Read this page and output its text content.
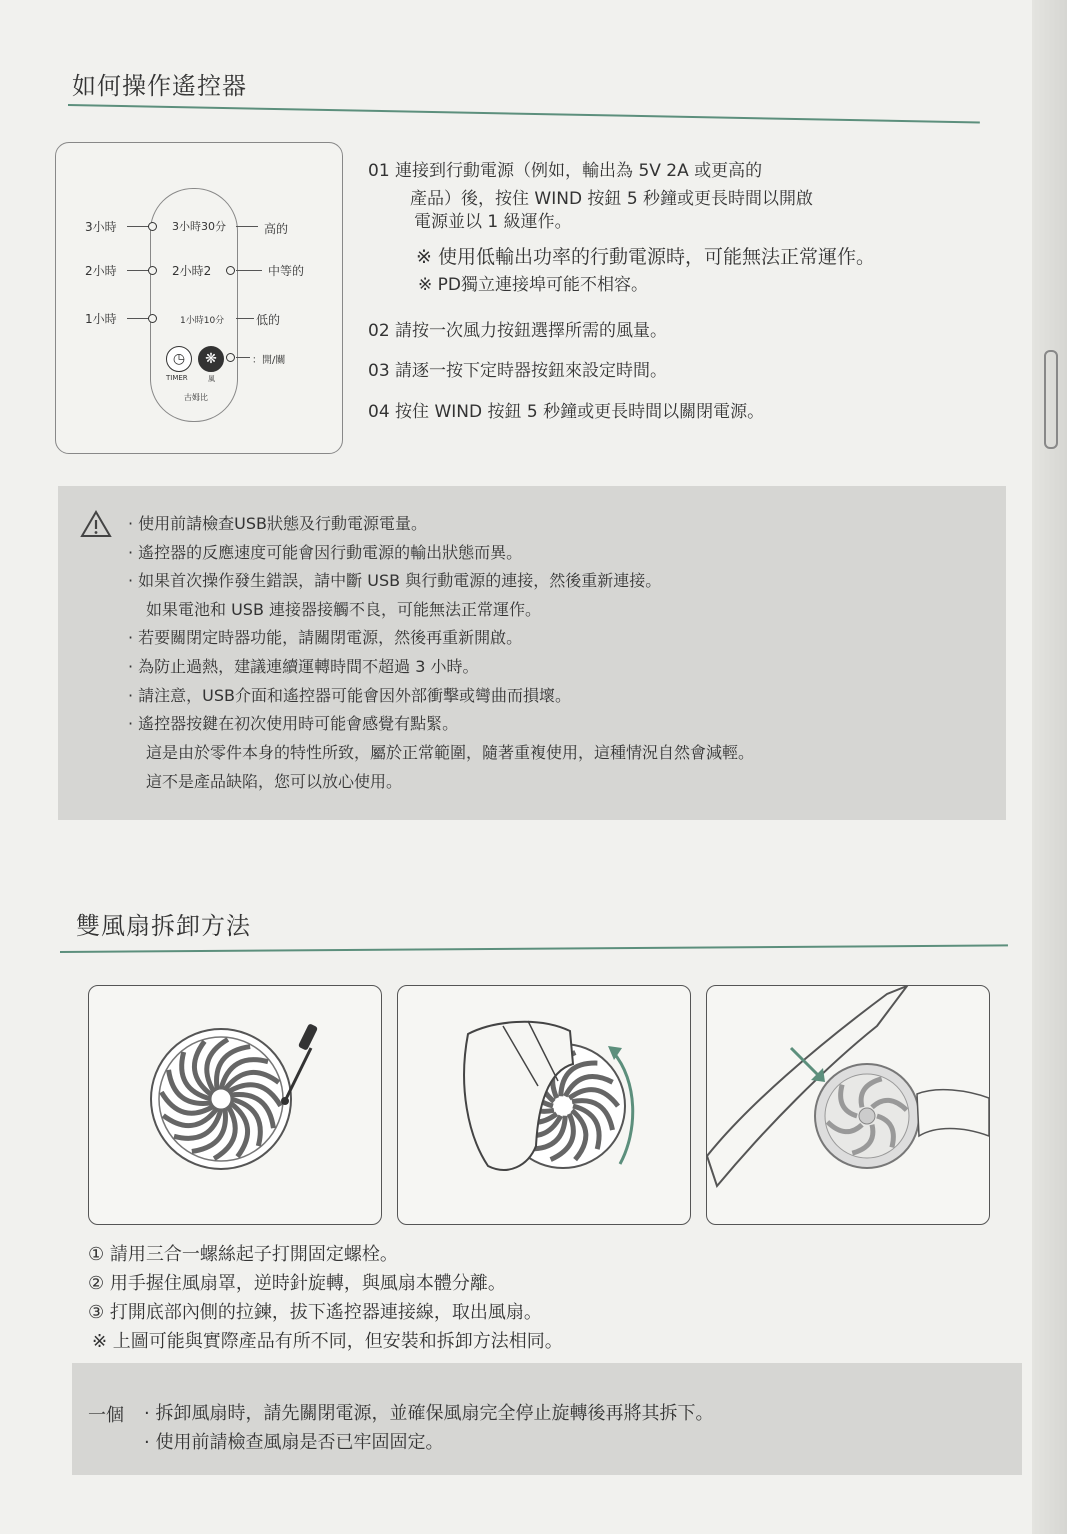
如何操作遙控器
3小時	3小時30分	高的
2小時	2小時2	中等的
1小時	1小時10分	低的
◷ ❋	：開/關
TIMER	風
古姆比
01 連接到行動電源（例如，輸出為 5V 2A 或更高的
產品）後，按住 WIND 按鈕 5 秒鐘或更長時間以開啟
電源並以 1 級運作。
※ 使用低輸出功率的行動電源時，可能無法正常運作。
※ PD獨立連接埠可能不相容。
02 請按一次風力按鈕選擇所需的風量。
03 請逐一按下定時器按鈕來設定時間。
04 按住 WIND 按鈕 5 秒鐘或更長時間以關閉電源。
· 使用前請檢查USB狀態及行動電源電量。
· 遙控器的反應速度可能會因行動電源的輸出狀態而異。
· 如果首次操作發生錯誤，請中斷 USB 與行動電源的連接，然後重新連接。
如果電池和 USB 連接器接觸不良，可能無法正常運作。
· 若要關閉定時器功能，請關閉電源，然後再重新開啟。
· 為防止過熱，建議連續運轉時間不超過 3 小時。
· 請注意，USB介面和遙控器可能會因外部衝擊或彎曲而損壞。
· 遙控器按鍵在初次使用時可能會感覺有點緊。
這是由於零件本身的特性所致，屬於正常範圍，隨著重複使用，這種情況自然會減輕。
這不是產品缺陷，您可以放心使用。
雙風扇拆卸方法
① 請用三合一螺絲起子打開固定螺栓。
② 用手握住風扇罩，逆時針旋轉，與風扇本體分離。
③ 打開底部內側的拉鍊，拔下遙控器連接線，取出風扇。
※ 上圖可能與實際產品有所不同，但安裝和拆卸方法相同。
一個 · 拆卸風扇時，請先關閉電源，並確保風扇完全停止旋轉後再將其拆下。
· 使用前請檢查風扇是否已牢固固定。
